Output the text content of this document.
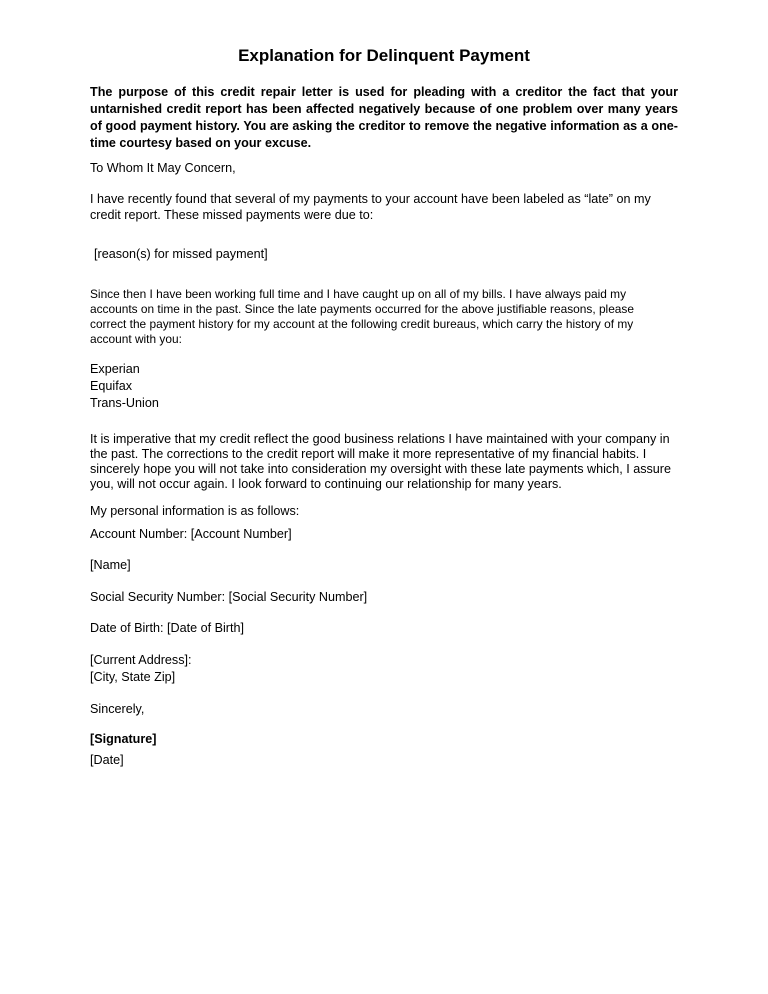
Explanation for Delinquent Payment
The purpose of this credit repair letter is used for pleading with a creditor the fact that your untarnished credit report has been affected negatively because of one problem over many years of good payment history. You are asking the creditor to remove the negative information as a one-time courtesy based on your excuse.
To Whom It May Concern,
I have recently found that several of my payments to your account have been labeled as “late” on my
credit report. These missed payments were due to:
[reason(s) for missed payment]
Since then I have been working full time and I have caught up on all of my bills. I have always paid my
accounts on time in the past. Since the late payments occurred for the above justifiable reasons, please
correct the payment history for my account at the following credit bureaus, which carry the history of my
account with you:
Experian
Equifax
Trans-Union
It is imperative that my credit reflect the good business relations I have maintained with your company in
the past. The corrections to the credit report will make it more representative of my financial habits. I
sincerely hope you will not take into consideration my oversight with these late payments which, I assure
you, will not occur again. I look forward to continuing our relationship for many years.
My personal information is as follows:
Account Number: [Account Number]
[Name]
Social Security Number: [Social Security Number]
Date of Birth: [Date of Birth]
[Current Address]:
[City, State Zip]
Sincerely,
[Signature]
[Date]
